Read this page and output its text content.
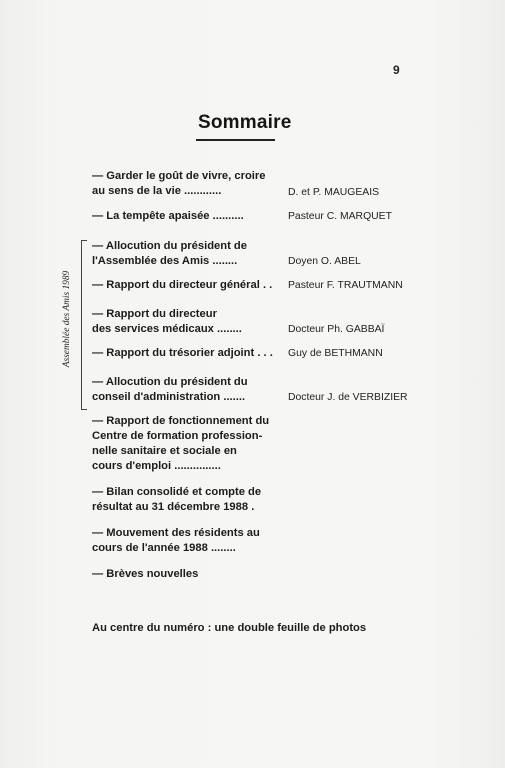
9
Sommaire
Assemblée des Amis 1989
— Garder le goût de vivre, croire
au sens de la vie ............	D. et P. MAUGEAIS
— La tempête apaisée ..........	Pasteur C. MARQUET
— Allocution du président de
l'Assemblée des Amis ........	Doyen O. ABEL
— Rapport du directeur général . .	Pasteur F. TRAUTMANN
— Rapport du directeur
des services médicaux ........	Docteur Ph. GABBAÏ
— Rapport du trésorier adjoint . . .	Guy de BETHMANN
— Allocution du président du
conseil d'administration .......	Docteur J. de VERBIZIER
— Rapport de fonctionnement du
Centre de formation profession-
nelle sanitaire et sociale en
cours d'emploi ...............
— Bilan consolidé et compte de
résultat au 31 décembre 1988 .
— Mouvement des résidents au
cours de l'année 1988 ........
— Brèves nouvelles
Au centre du numéro : une double feuille de photos
